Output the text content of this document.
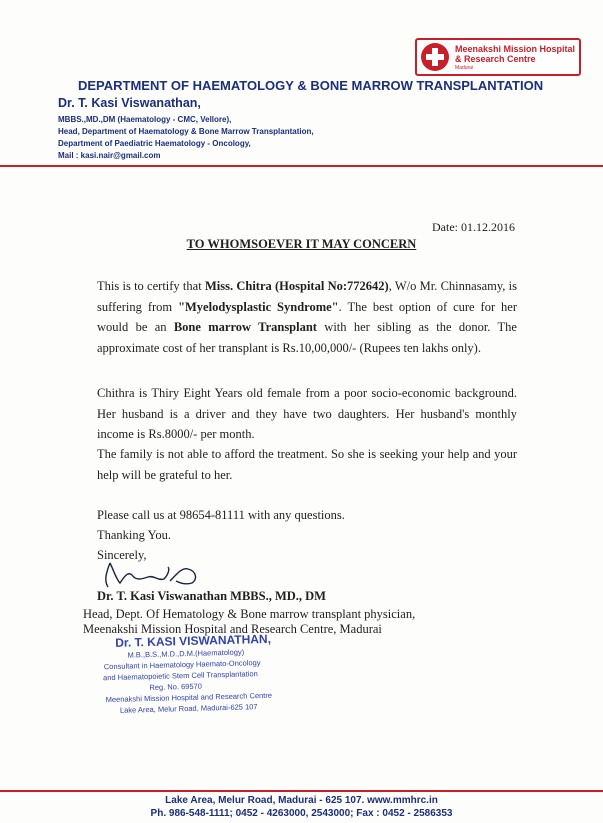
Meenakshi Mission Hospital
& Research Centre
Madurai
DEPARTMENT OF HAEMATOLOGY & BONE MARROW TRANSPLANTATION
Dr. T. Kasi Viswanathan,
MBBS.,MD.,DM (Haematology - CMC, Vellore),
Head, Department of Haematology & Bone Marrow Transplantation,
Department of Paediatric Haematology - Oncology,
Mail : kasi.nair@gmail.com
Date: 01.12.2016
TO WHOMSOEVER IT MAY CONCERN
This is to certify that Miss. Chitra (Hospital No:772642), W/o Mr. Chinnasamy, is suffering from "Myelodysplastic Syndrome". The best option of cure for her would be an Bone marrow Transplant with her sibling as the donor. The approximate cost of her transplant is Rs.10,00,000/- (Rupees ten lakhs only).
Chithra is Thiry Eight Years old female from a poor socio-economic background. Her husband is a driver and they have two daughters. Her husband's monthly income is Rs.8000/- per month.
The family is not able to afford the treatment. So she is seeking your help and your help will be grateful to her.
Please call us at 98654-81111 with any questions.
Thanking You.
Sincerely,
Dr. T. Kasi Viswanathan MBBS., MD., DM
Head, Dept. Of Hematology & Bone marrow transplant physician,
Meenakshi Mission Hospital and Research Centre, Madurai
Dr. T. KASI VISWANATHAN,
M.B.,B.S.,M.D.,D.M.(Haematology)
Consultant in Haematology Haemato-Oncology
and Haematopoietic Stem Cell Transplantation
Reg. No. 69570
Meenakshi Mission Hospital and Research Centre
Lake Area, Melur Road, Madurai-625 107
Lake Area, Melur Road, Madurai - 625 107. www.mmhrc.in
Ph. 986-548-1111; 0452 - 4263000, 2543000; Fax : 0452 - 2586353
